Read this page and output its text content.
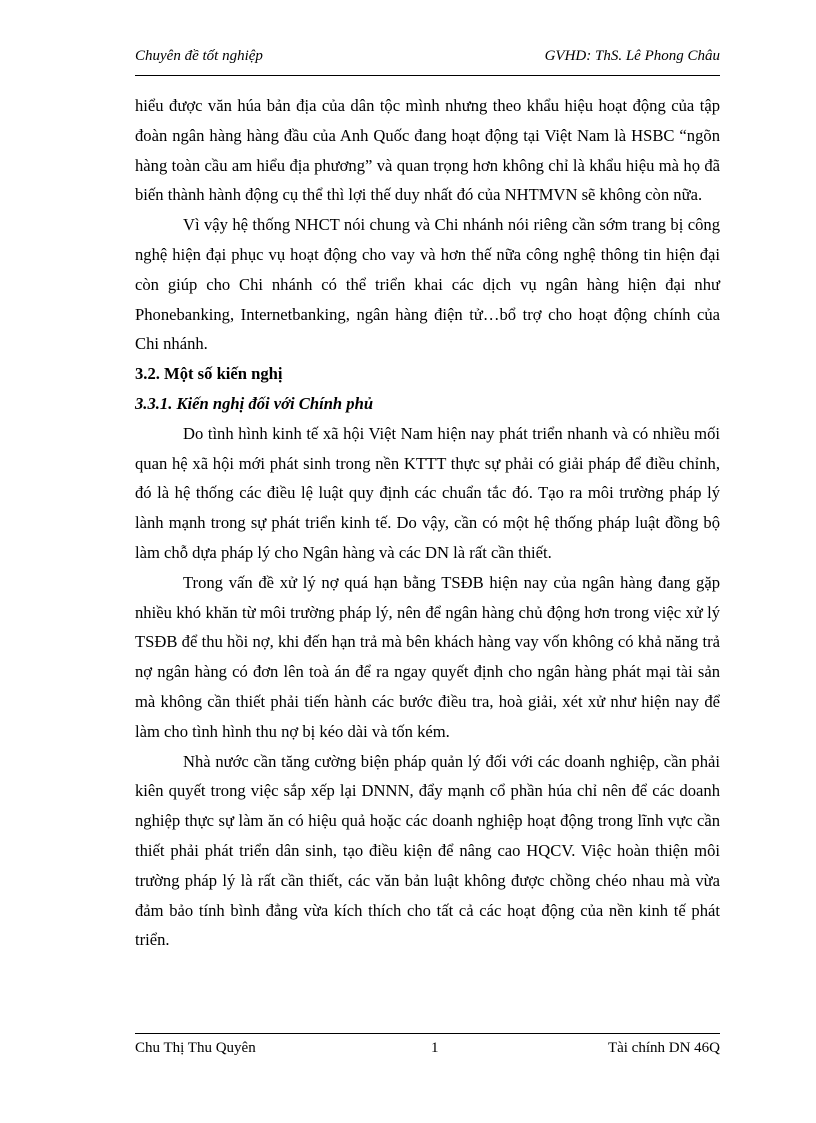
Chuyên đề tốt nghiệp	GVHD: ThS. Lê Phong Châu

hiểu được văn húa bản địa của dân tộc mình nhưng theo khẩu hiệu hoạt động của tập đoàn ngân hàng hàng đầu của Anh Quốc đang hoạt động tại Việt Nam là HSBC “ngõn hàng toàn cầu am hiểu địa phương” và quan trọng hơn không chỉ là khẩu hiệu mà họ đã biến thành hành động cụ thể thì lợi thế duy nhất đó của NHTMVN sẽ không còn nữa.

Vì vậy hệ thống NHCT nói chung và Chi nhánh nói riêng cần sớm trang bị công nghệ hiện đại phục vụ hoạt động cho vay và hơn thế nữa công nghệ thông tin hiện đại còn giúp cho Chi nhánh có thể triển khai các dịch vụ ngân hàng hiện đại như Phonebanking, Internetbanking, ngân hàng điện tử…bổ trợ cho hoạt động chính của Chi nhánh.

3.2. Một số kiến nghị

3.3.1. Kiến nghị đối với Chính phủ

Do tình hình kinh tế xã hội Việt Nam hiện nay phát triển nhanh và có nhiều mối quan hệ xã hội mới phát sinh trong nền KTTT thực sự phải có giải pháp để điều chỉnh, đó là hệ thống các điều lệ luật quy định các chuẩn tắc đó. Tạo ra môi trường pháp lý lành mạnh trong sự phát triển kinh tế. Do vậy, cần có một hệ thống pháp luật đồng bộ làm chỗ dựa pháp lý cho Ngân hàng và các DN là rất cần thiết.

Trong vấn đề xử lý nợ quá hạn bằng TSĐB hiện nay của ngân hàng đang gặp nhiều khó khăn từ môi trường pháp lý, nên để ngân hàng chủ động hơn trong việc xử lý TSĐB để thu hồi nợ, khi đến hạn trả mà bên khách hàng vay vốn không có khả năng trả nợ ngân hàng có đơn lên toà án để ra ngay quyết định cho ngân hàng phát mại tài sản mà không cần thiết phải tiến hành các bước điều tra, hoà giải, xét xử như hiện nay để làm cho tình hình thu nợ bị kéo dài và tốn kém.

Nhà nước cần tăng cường biện pháp quản lý đối với các doanh nghiệp, cần phải kiên quyết trong việc sắp xếp lại DNNN, đẩy mạnh cổ phần húa chỉ nên để các doanh nghiệp thực sự làm ăn có hiệu quả hoặc các doanh nghiệp hoạt động trong lĩnh vực cần thiết phải phát triển dân sinh, tạo điều kiện để nâng cao HQCV. Việc hoàn thiện môi trường pháp lý là rất cần thiết, các văn bản luật không được chồng chéo nhau mà vừa đảm bảo tính bình đẳng vừa kích thích cho tất cả các hoạt động của nền kinh tế phát triển.

Chu Thị Thu Quyên	1	Tài chính DN 46Q
